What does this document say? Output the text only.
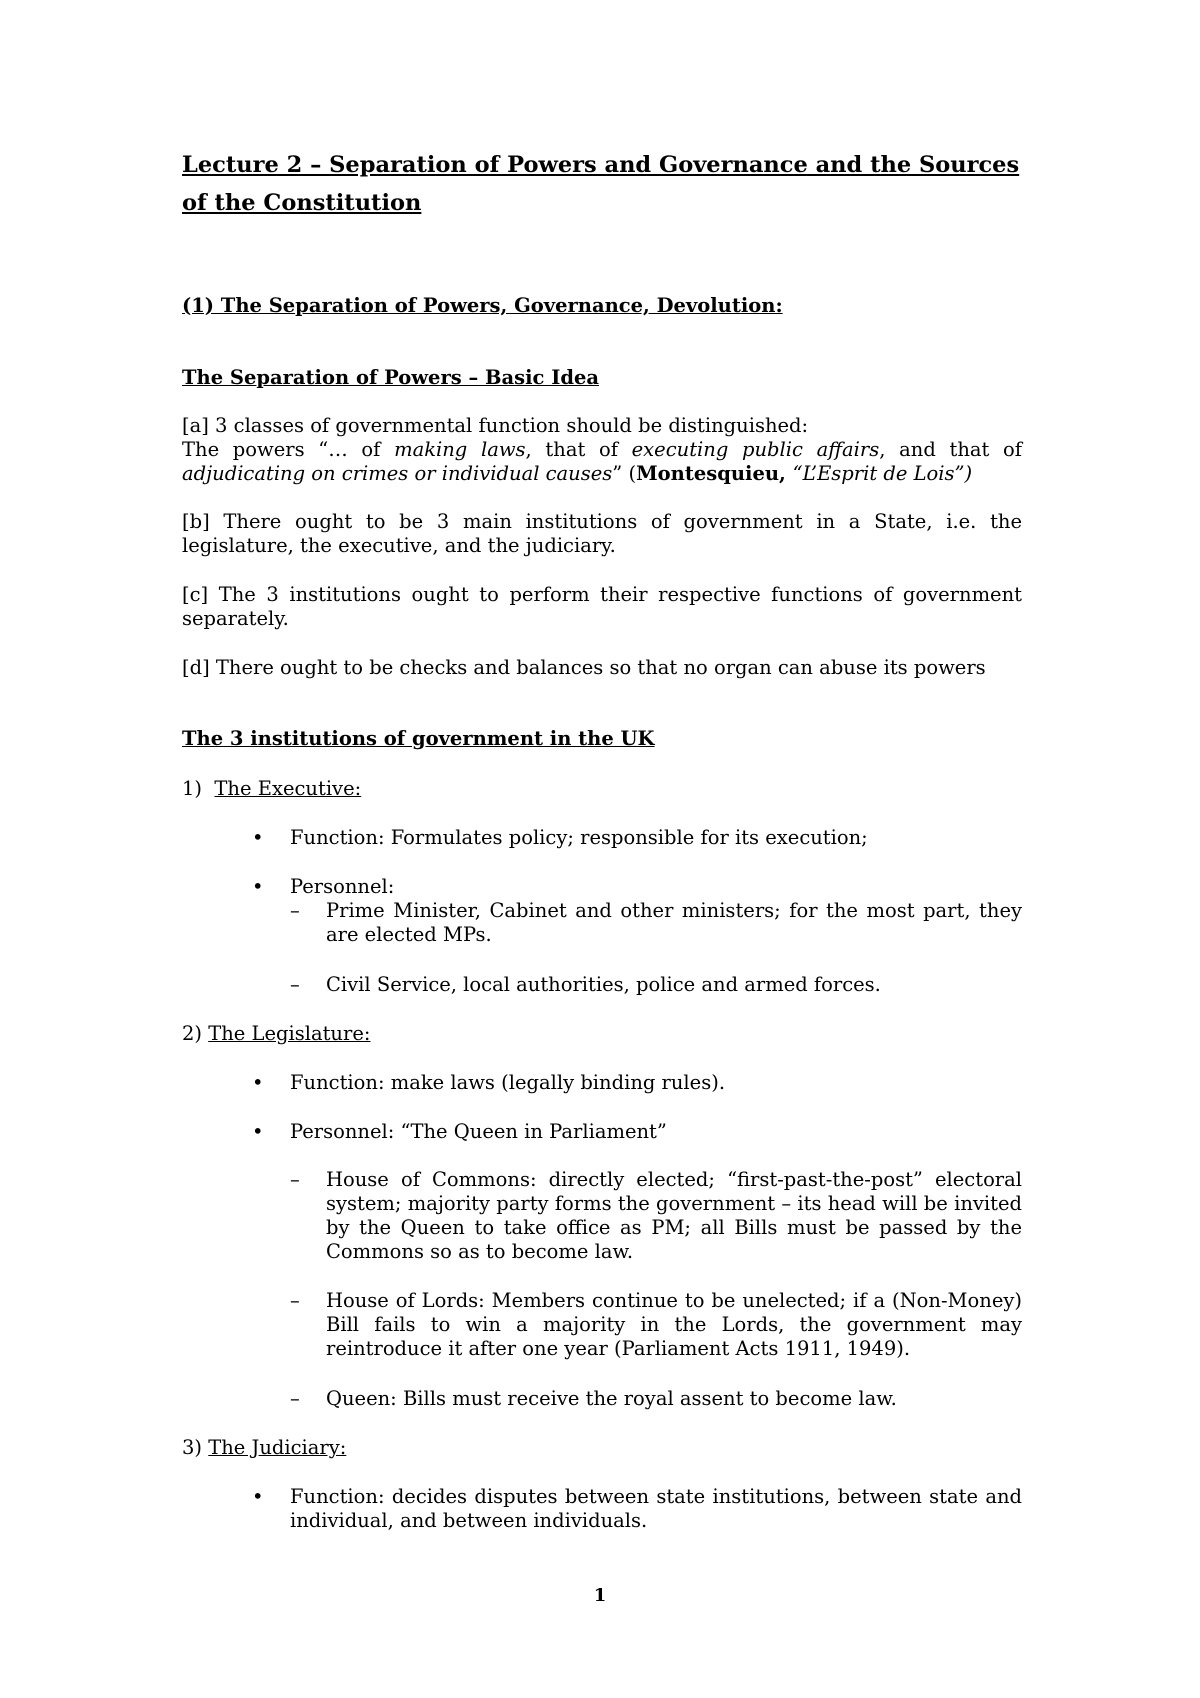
Lecture 2 – Separation of Powers and Governance and the Sources of the Constitution
(1) The Separation of Powers, Governance, Devolution:
The Separation of Powers – Basic Idea
[a] 3 classes of governmental function should be distinguished:
The powers “… of making laws, that of executing public affairs, and that of adjudicating on crimes or individual causes” (Montesquieu, “L’Esprit de Lois”)
[b] There ought to be 3 main institutions of government in a State, i.e. the legislature, the executive, and the judiciary.
[c] The 3 institutions ought to perform their respective functions of government separately.
[d] There ought to be checks and balances so that no organ can abuse its powers
The 3 institutions of government in the UK
1) The Executive:
• Function: Formulates policy; responsible for its execution;
• Personnel:
– Prime Minister, Cabinet and other ministers; for the most part, they are elected MPs.
– Civil Service, local authorities, police and armed forces.
2) The Legislature:
• Function: make laws (legally binding rules).
• Personnel: “The Queen in Parliament”
– House of Commons: directly elected; “first-past-the-post” electoral system; majority party forms the government – its head will be invited by the Queen to take office as PM; all Bills must be passed by the Commons so as to become law.
– House of Lords: Members continue to be unelected; if a (Non-Money) Bill fails to win a majority in the Lords, the government may reintroduce it after one year (Parliament Acts 1911, 1949).
– Queen: Bills must receive the royal assent to become law.
3) The Judiciary:
• Function: decides disputes between state institutions, between state and individual, and between individuals.
1
